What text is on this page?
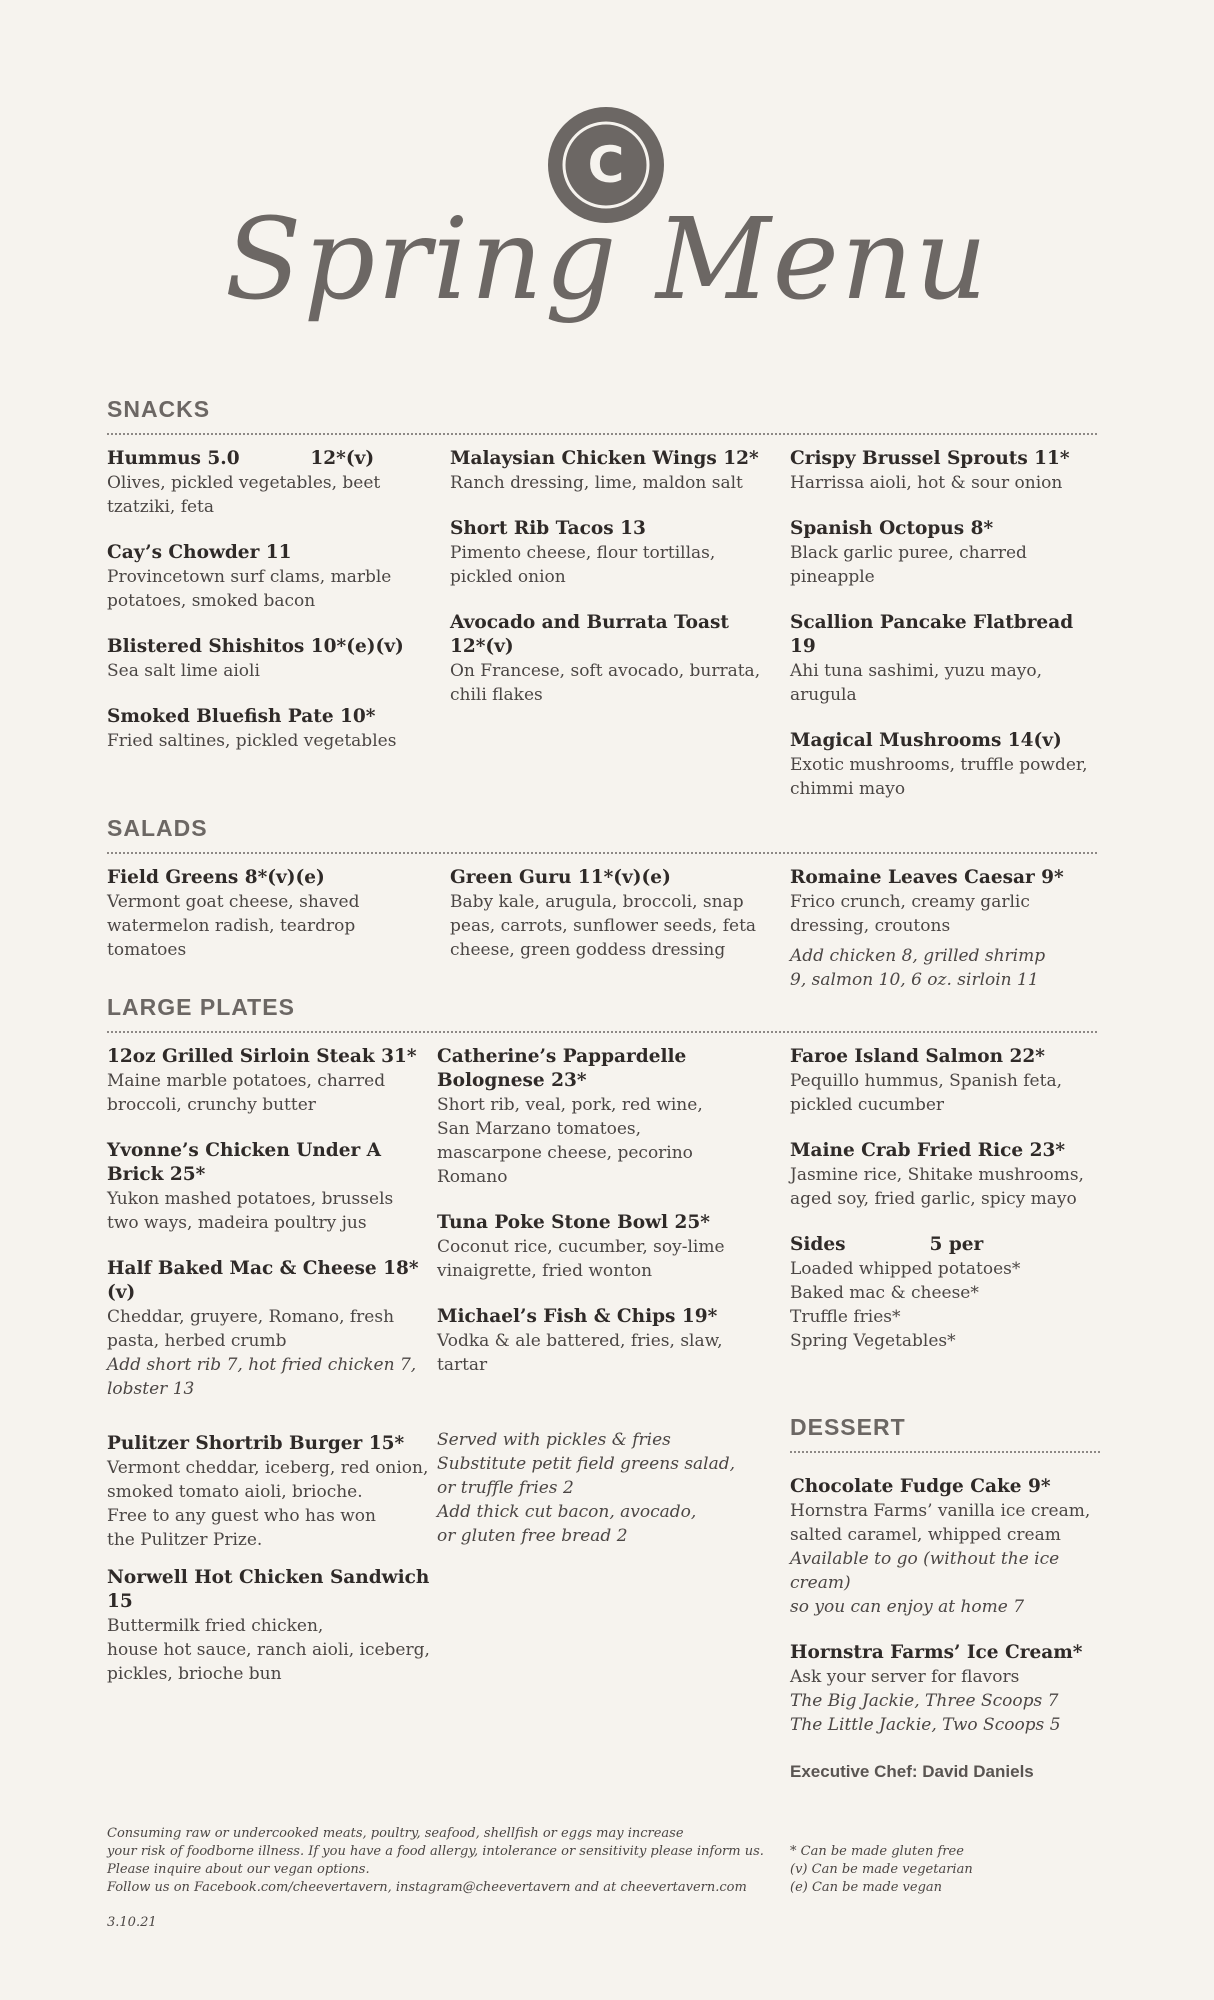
C
Spring Menu
SNACKS
Hummus 5.0           12*(v)
Olives, pickled vegetables, beet tzatziki, feta
Cay’s Chowder 11
Provincetown surf clams, marble potatoes, smoked bacon
Blistered Shishitos 10*(e)(v)
Sea salt lime aioli
Smoked Bluefish Pate 10*
Fried saltines, pickled vegetables
Malaysian Chicken Wings 12*
Ranch dressing, lime, maldon salt
Short Rib Tacos 13
Pimento cheese, flour tortillas, pickled onion
Avocado and Burrata Toast 12*(v)
On Francese, soft avocado, burrata, chili flakes
Crispy Brussel Sprouts 11*
Harrissa aioli, hot & sour onion
Spanish Octopus 8*
Black garlic puree, charred pineapple
Scallion Pancake Flatbread 19
Ahi tuna sashimi, yuzu mayo, arugula
Magical Mushrooms 14(v)
Exotic mushrooms, truffle powder, chimmi mayo
SALADS
Field Greens 8*(v)(e)
Vermont goat cheese, shaved watermelon radish, teardrop tomatoes
Green Guru 11*(v)(e)
Baby kale, arugula, broccoli, snap peas, carrots, sunflower seeds, feta cheese, green goddess dressing
Romaine Leaves Caesar 9*
Frico crunch, creamy garlic dressing, croutons
Add chicken 8, grilled shrimp 9, salmon 10, 6 oz. sirloin 11
LARGE PLATES
12oz Grilled Sirloin Steak 31*
Maine marble potatoes, charred broccoli, crunchy butter
Yvonne’s Chicken Under A Brick 25*
Yukon mashed potatoes, brussels two ways, madeira poultry jus
Half Baked Mac & Cheese 18*(v)
Cheddar, gruyere, Romano, fresh pasta, herbed crumb
Add short rib 7, hot fried chicken 7, lobster 13
Catherine’s Pappardelle Bolognese 23*
Short rib, veal, pork, red wine, San Marzano tomatoes, mascarpone cheese, pecorino Romano
Tuna Poke Stone Bowl 25*
Coconut rice, cucumber, soy-lime vinaigrette, fried wonton
Michael’s Fish & Chips 19*
Vodka & ale battered, fries, slaw, tartar
Faroe Island Salmon 22*
Pequillo hummus, Spanish feta, pickled cucumber
Maine Crab Fried Rice 23*
Jasmine rice, Shitake mushrooms, aged soy, fried garlic, spicy mayo
Sides	5 per
Loaded whipped potatoes*
Baked mac & cheese*
Truffle fries*
Spring Vegetables*
Pulitzer Shortrib Burger 15*
Vermont cheddar, iceberg, red onion,
smoked tomato aioli, brioche.
Free to any guest who has won
the Pulitzer Prize.
Norwell Hot Chicken Sandwich 15
Buttermilk fried chicken,
house hot sauce, ranch aioli, iceberg,
pickles, brioche bun
Served with pickles & fries
Substitute petit field greens salad,
or truffle fries 2
Add thick cut bacon, avocado,
or gluten free bread 2
DESSERT
Chocolate Fudge Cake 9*
Hornstra Farms’ vanilla ice cream,
salted caramel, whipped cream
Available to go (without the ice cream)
so you can enjoy at home 7
Hornstra Farms’ Ice Cream*
Ask your server for flavors
The Big Jackie, Three Scoops 7
The Little Jackie, Two Scoops 5
Executive Chef: David Daniels
Consuming raw or undercooked meats, poultry, seafood, shellfish or eggs may increase
your risk of foodborne illness. If you have a food allergy, intolerance or sensitivity please inform us.
Please inquire about our vegan options.
Follow us on Facebook.com/cheevertavern, instagram@cheevertavern and at cheevertavern.com
3.10.21
* Can be made gluten free
(v) Can be made vegetarian
(e) Can be made vegan
